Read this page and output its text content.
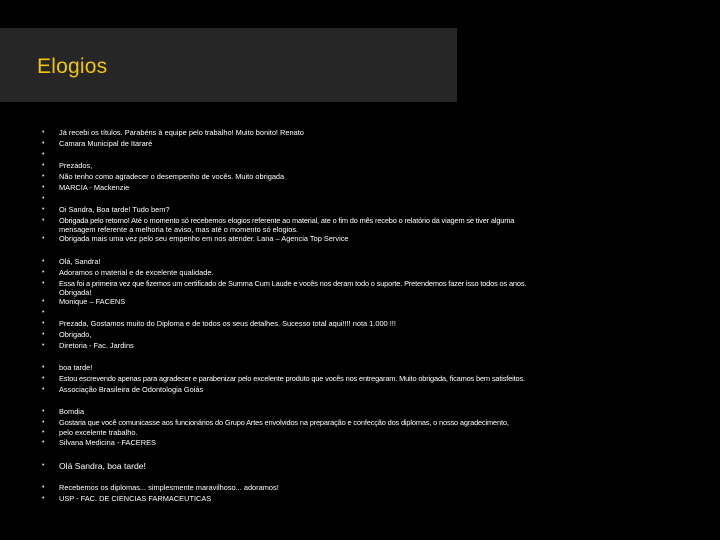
Elogios
• Já recebi os títulos. Parabéns à equipe pelo trabalho! Muito bonito! Renato
• Camara Municipal de Itararé
• Prezados,
• Não tenho como agradecer o desempenho de vocês. Muito obrigada
• MARCIA - Mackenzie
• Oi Sandra, Boa tarde! Tudo bem?
• Obrigada pelo retorno! Até o momento só recebemos elogios referente ao material, ate o fim do mês recebo o relatório da viagem se tiver alguma
mensagem referente a melhoria te aviso, mas até o momento só elogios.
• Obrigada mais uma vez pelo seu empenho em nos atender. Lana – Agencia Top Service
• Olá, Sandra!
• Adoramos o material e de excelente qualidade.
• Essa foi a primeira vez que fizemos um certificado de Summa Cum Laude e vocês nos deram todo o suporte. Pretendemos fazer isso todos os anos.
Obrigada!
• Monique – FACENS
• Prezada, Gostamos muito do Diploma e de todos os seus detalhes. Sucesso total aqui!!!! nota 1.000 !!!
• Obrigado,
• Diretoria - Fac. Jardins
• boa tarde!
• Estou escrevendo apenas para agradecer e parabenizar pelo excelente produto que vocês nos entregaram. Muito obrigada, ficamos bem satisfeitos.
• Associação Brasileira de Odontologia Goiás
• Bomdia
• Gostaria que você comunicasse aos funcionários do Grupo Artes envolvidos na preparação e confecção dos diplomas, o nosso agradecimento,
• pelo excelente trabalho.
• Silvana Medicina - FACERES
• Olá Sandra, boa tarde!
• Recebemos os diplomas... simplesmente maravilhoso... adoramos!
• USP - FAC. DE CIENCIAS FARMACEUTICAS
